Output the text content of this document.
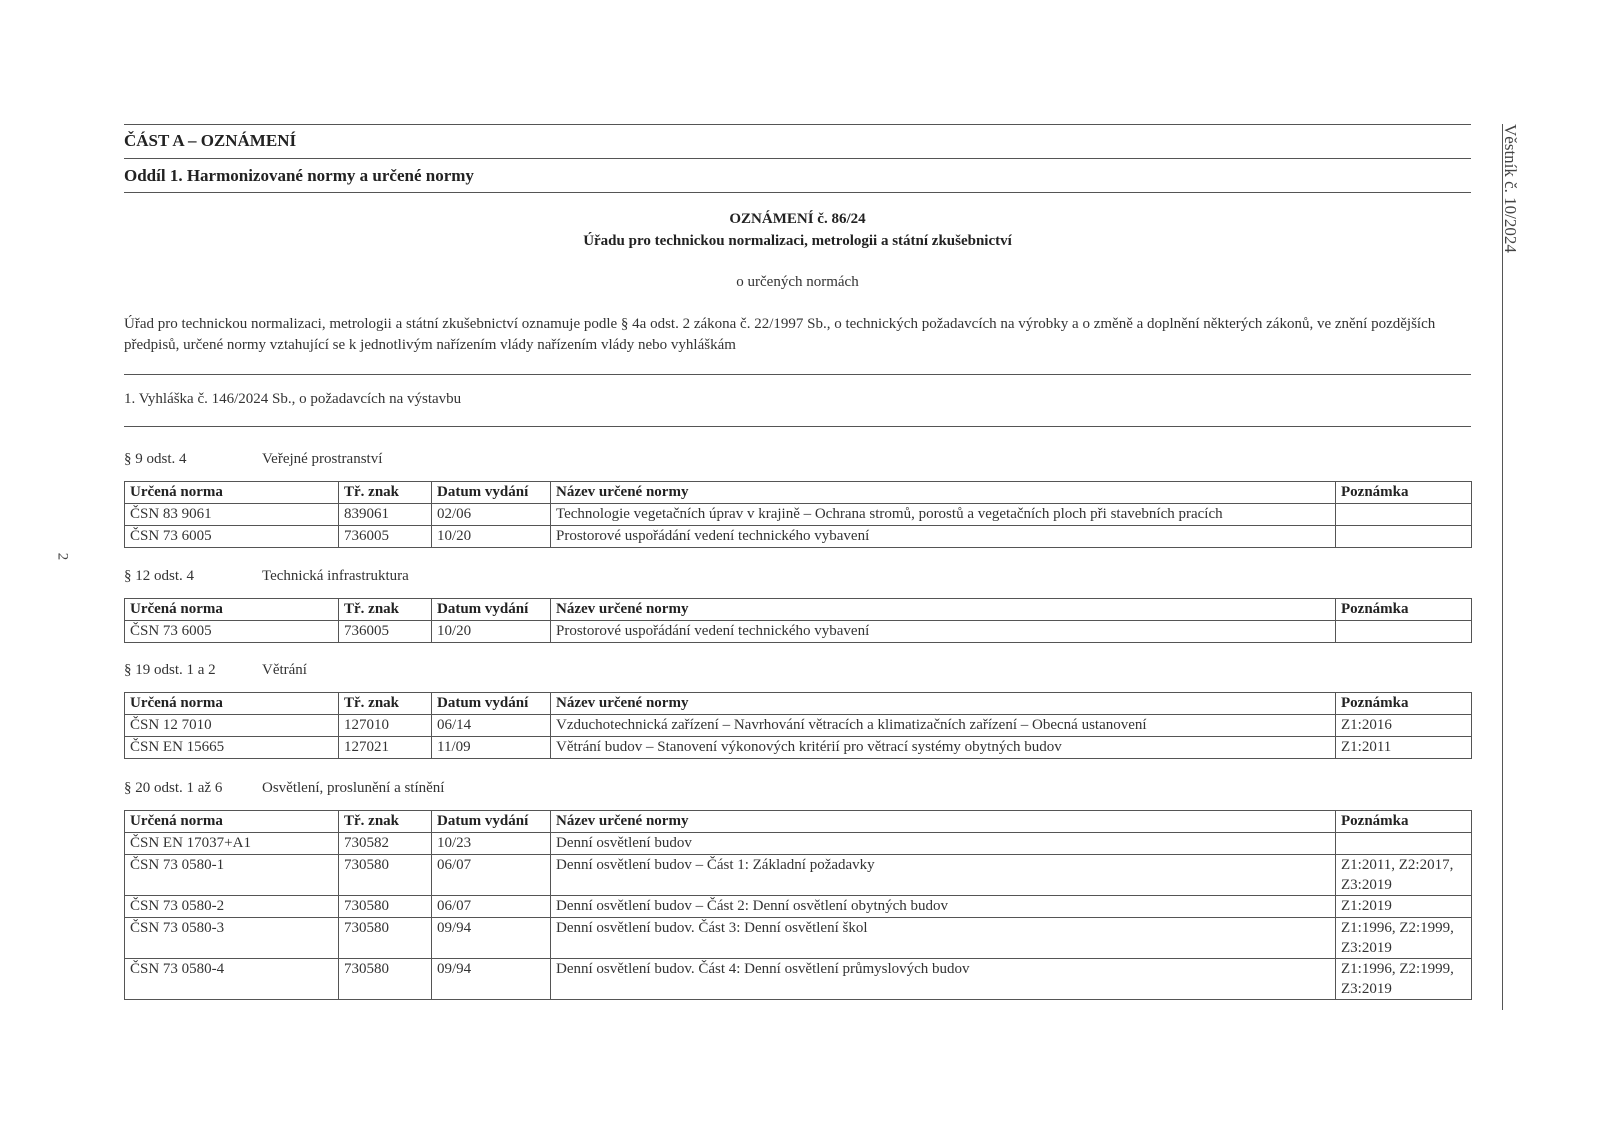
ČÁST A – OZNÁMENÍ
Oddíl 1. Harmonizované normy a určené normy
OZNÁMENÍ č. 86/24
Úřadu pro technickou normalizaci, metrologii a státní zkušebnictví
o určených normách
Úřad pro technickou normalizaci, metrologii a státní zkušebnictví oznamuje podle § 4a odst. 2 zákona č. 22/1997 Sb., o technických požadavcích na výrobky a o změně a doplnění některých zákonů, ve znění pozdějších předpisů, určené normy vztahující se k jednotlivým nařízením vlády nařízením vlády nebo vyhláškám
1. Vyhláška č. 146/2024 Sb., o požadavcích na výstavbu
§ 9 odst. 4	Veřejné prostranství
Určená norma	Tř. znak	Datum vydání	Název určené normy	Poznámka
ČSN 83 9061	839061	02/06	Technologie vegetačních úprav v krajině – Ochrana stromů, porostů a vegetačních ploch při stavebních pracích	
ČSN 73 6005	736005	10/20	Prostorové uspořádání vedení technického vybavení	
§ 12 odst. 4	Technická infrastruktura
Určená norma	Tř. znak	Datum vydání	Název určené normy	Poznámka
ČSN 73 6005	736005	10/20	Prostorové uspořádání vedení technického vybavení	
§ 19 odst. 1 a 2	Větrání
Určená norma	Tř. znak	Datum vydání	Název určené normy	Poznámka
ČSN 12 7010	127010	06/14	Vzduchotechnická zařízení – Navrhování větracích a klimatizačních zařízení – Obecná ustanovení	Z1:2016
ČSN EN 15665	127021	11/09	Větrání budov – Stanovení výkonových kritérií pro větrací systémy obytných budov	Z1:2011
§ 20 odst. 1 až 6	Osvětlení, proslunění a stínění
Určená norma	Tř. znak	Datum vydání	Název určené normy	Poznámka
ČSN EN 17037+A1	730582	10/23	Denní osvětlení budov	
ČSN 73 0580-1	730580	06/07	Denní osvětlení budov – Část 1: Základní požadavky	Z1:2011, Z2:2017, Z3:2019
ČSN 73 0580-2	730580	06/07	Denní osvětlení budov – Část 2: Denní osvětlení obytných budov	Z1:2019
ČSN 73 0580-3	730580	09/94	Denní osvětlení budov. Část 3: Denní osvětlení škol	Z1:1996, Z2:1999, Z3:2019
ČSN 73 0580-4	730580	09/94	Denní osvětlení budov. Část 4: Denní osvětlení průmyslových budov	Z1:1996, Z2:1999, Z3:2019
Věstník č. 10/2024
2
